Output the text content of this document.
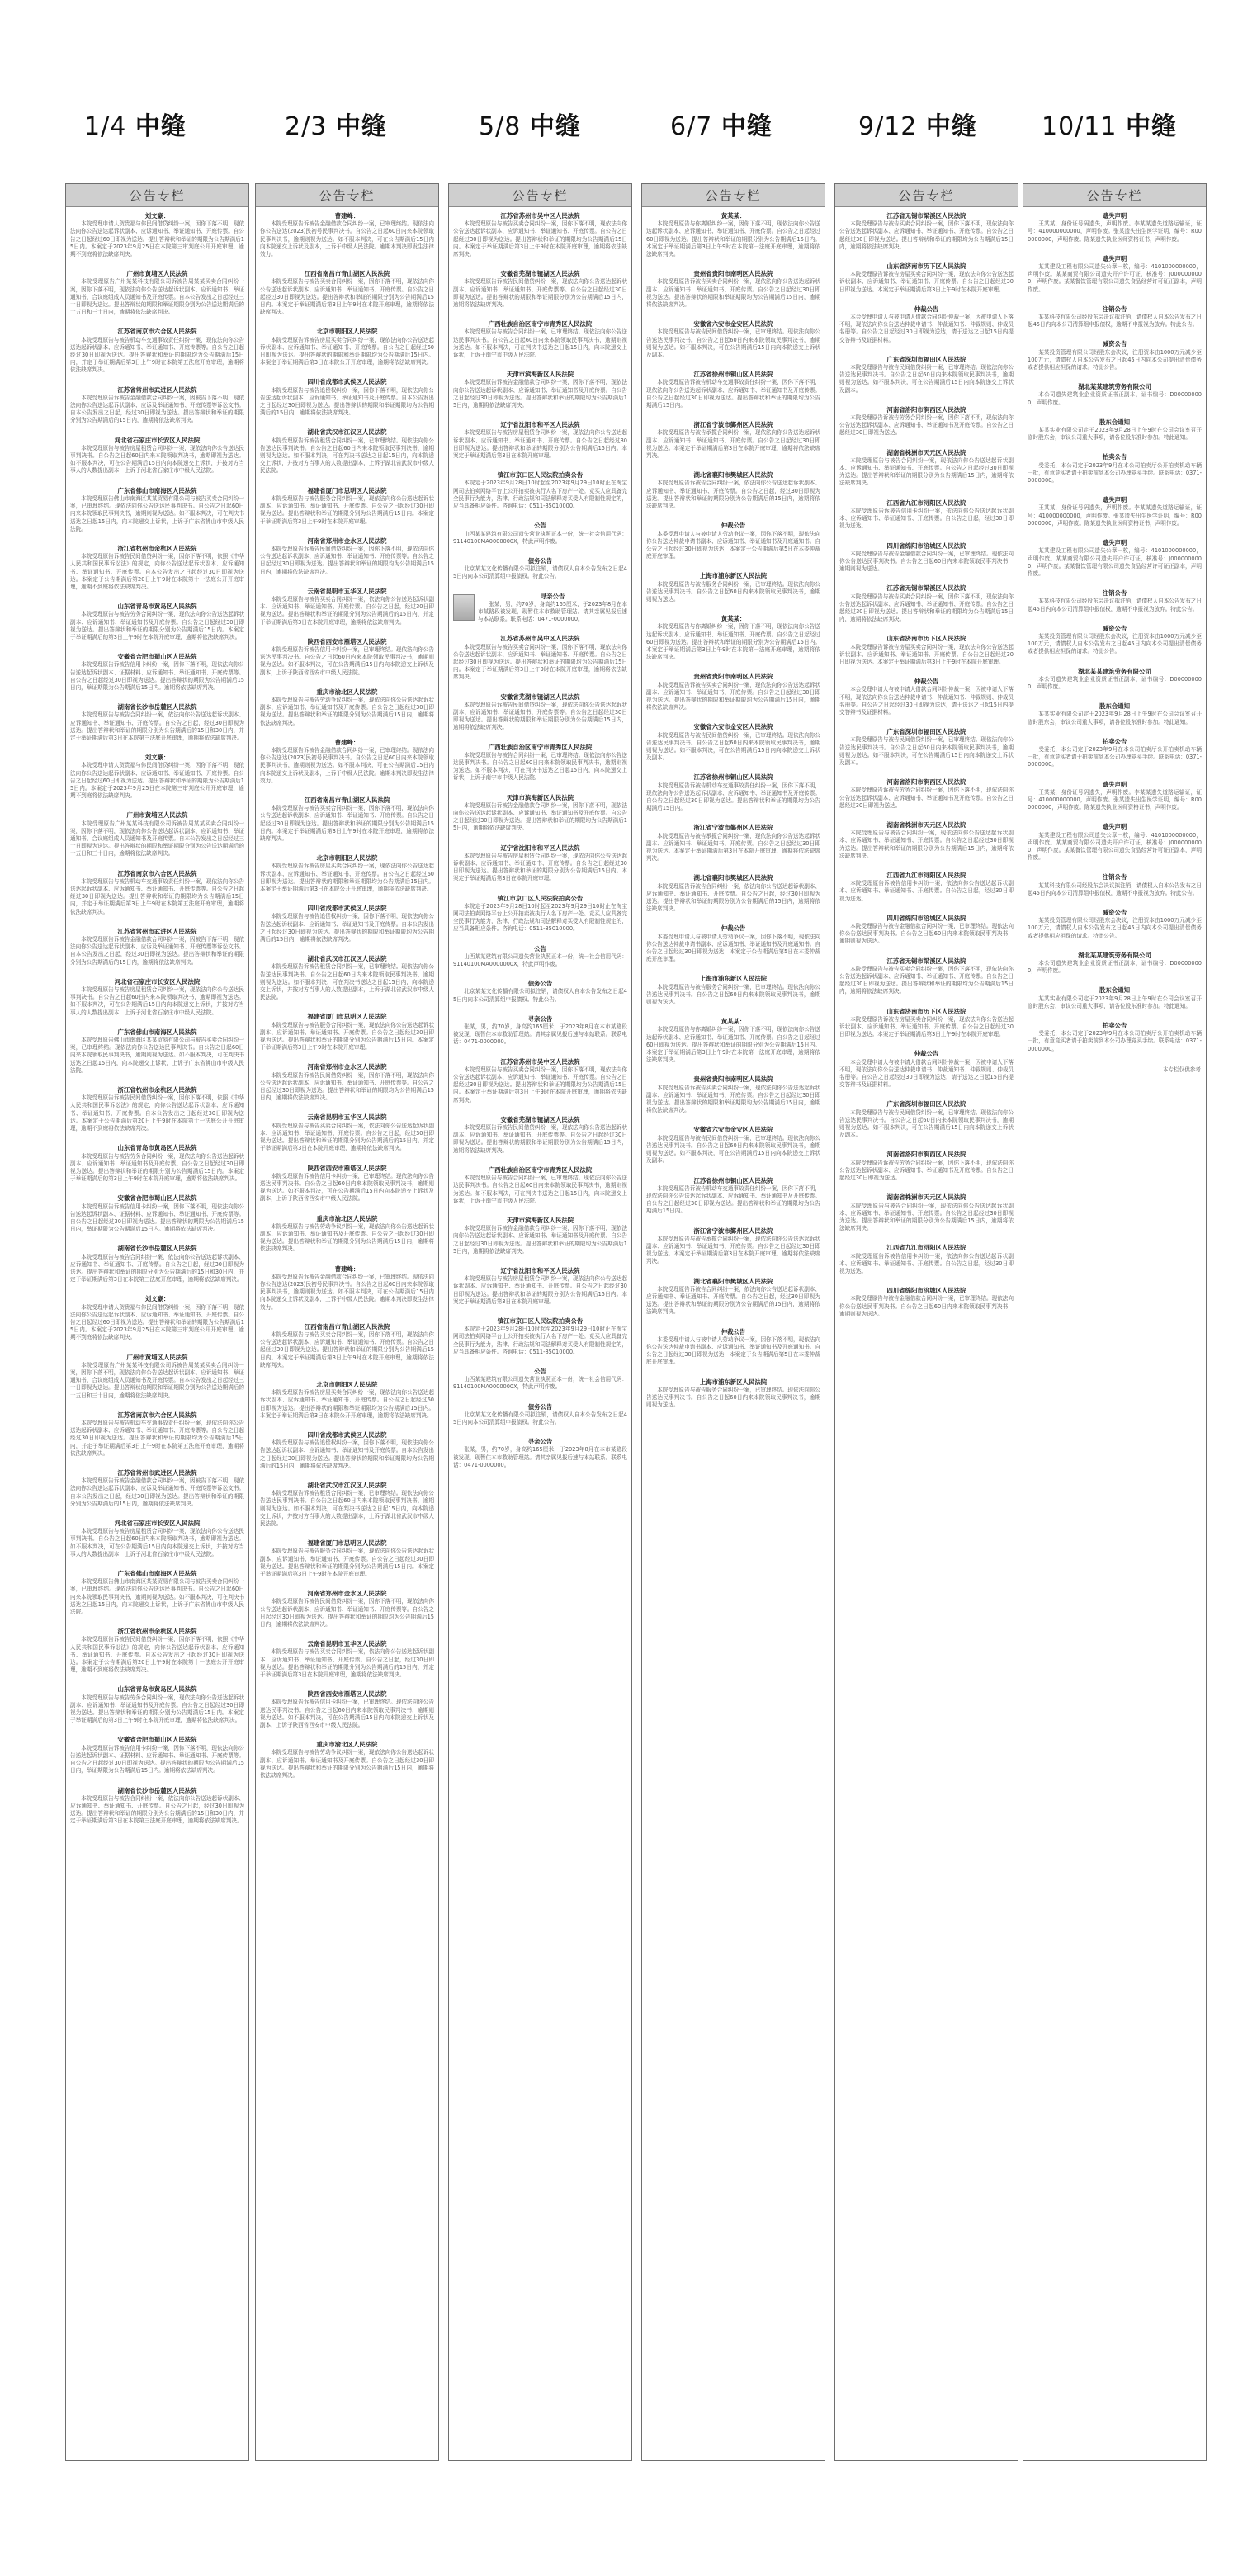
1/4 中缝	2/3 中缝	5/8 中缝	6/7 中缝	9/12 中缝	10/11 中缝
公告专栏
刘文豪：
本院受理申请人贺贵福与你民间借贷纠纷一案，因你下落不明，现依法向你公告送达起诉状副本、应诉通知书、举证通知书、开庭传票。自公告之日起经过60日即视为送达。提出答辩状和举证的期限为公告期满后15日内。本案定于2023年9月25日在本院第三审判庭公开开庭审理，逾期不到庭将依法缺席判决。
广州市黄埔区人民法院
本院受理原告广州某某科技有限公司诉被告周某某买卖合同纠纷一案，因你下落不明，现依法向你公告送达起诉状副本、应诉通知书、举证通知书、合议庭组成人员通知书及开庭传票。自本公告发出之日起经过三十日即视为送达。提出答辩状的期限和举证期限分别为公告送达期满后的十五日和三十日内，逾期将依法缺席判决。
江苏省南京市六合区人民法院
本院受理原告与被告机动车交通事故责任纠纷一案，现依法向你公告送达起诉状副本、应诉通知书、举证通知书、开庭传票等。自公告之日起经过30日即视为送达。提出答辩状和举证的期限均为公告期满后15日内，并定于举证期满后第3日上午9时在本院第五法庭开庭审理，逾期将依法缺席判决。
江苏省常州市武进区人民法院
本院受理原告诉被告金融借款合同纠纷一案，因被告下落不明，现依法向你公告送达起诉状副本、应诉及举证通知书、开庭传票等诉讼文书。自本公告发出之日起，经过30日即视为送达。提出答辩状和举证的期限分别为公告期满后的15日内，逾期将依法缺席判决。
河北省石家庄市长安区人民法院
本院受理原告与被告房屋租赁合同纠纷一案，现依法向你公告送达民事判决书。自公告之日起60日内来本院领取判决书，逾期即视为送达。如不服本判决，可在公告期满后15日内向本院递交上诉状，并按对方当事人的人数提出副本，上诉于河北省石家庄市中级人民法院。
广东省佛山市南海区人民法院
本院受理原告佛山市南海区某某贸易有限公司与被告买卖合同纠纷一案，已审理终结。现依法向你公告送达民事判决书。自公告之日起60日内来本院领取民事判决书，逾期则视为送达。如不服本判决，可在判决书送达之日起15日内，向本院递交上诉状，上诉于广东省佛山市中级人民法院。
浙江省杭州市余杭区人民法院
本院受理原告诉被告民间借贷纠纷一案，因你下落不明，依照《中华人民共和国民事诉讼法》的规定，向你公告送达起诉状副本、应诉通知书、举证通知书、开庭传票。自本公告发出之日起经过30日即视为送达。本案定于公告期满后第20日上午9时在本院第十一法庭公开开庭审理，逾期不到庭将依法缺席判决。
山东省青岛市黄岛区人民法院
本院受理原告与被告劳务合同纠纷一案，现依法向你公告送达起诉状副本、应诉通知书、举证通知书及开庭传票。自公告之日起经过30日即视为送达。提出答辩状和举证的期限分别为公告期满后15日内。本案定于举证期满后的第3日上午9时在本院开庭审理，逾期将依法缺席判决。
安徽省合肥市蜀山区人民法院
本院受理原告诉被告信用卡纠纷一案，因你下落不明，现依法向你公告送达起诉状副本、证据材料、应诉通知书、举证通知书、开庭传票等。自公告之日起经过30日即视为送达。提出答辩状的期限为公告期满后15日内，举证期限为公告期满后15日内。逾期将依法缺席判决。
湖南省长沙市岳麓区人民法院
本院受理原告与被告合同纠纷一案，依法向你公告送达起诉状副本、应诉通知书、举证通知书、开庭传票。自公告之日起，经过30日即视为送达。提出答辩状和举证的期限分别为公告期满后的15日和30日内，并定于举证期满后第3日在本院第三法庭开庭审理，逾期将依法缺席判决。
刘文豪：
本院受理申请人贺贵福与你民间借贷纠纷一案，因你下落不明，现依法向你公告送达起诉状副本、应诉通知书、举证通知书、开庭传票。自公告之日起经过60日即视为送达。提出答辩状和举证的期限为公告期满后15日内。本案定于2023年9月25日在本院第三审判庭公开开庭审理，逾期不到庭将依法缺席判决。
广州市黄埔区人民法院
本院受理原告广州某某科技有限公司诉被告周某某买卖合同纠纷一案，因你下落不明，现依法向你公告送达起诉状副本、应诉通知书、举证通知书、合议庭组成人员通知书及开庭传票。自本公告发出之日起经过三十日即视为送达。提出答辩状的期限和举证期限分别为公告送达期满后的十五日和三十日内，逾期将依法缺席判决。
江苏省南京市六合区人民法院
本院受理原告与被告机动车交通事故责任纠纷一案，现依法向你公告送达起诉状副本、应诉通知书、举证通知书、开庭传票等。自公告之日起经过30日即视为送达。提出答辩状和举证的期限均为公告期满后15日内，并定于举证期满后第3日上午9时在本院第五法庭开庭审理，逾期将依法缺席判决。
江苏省常州市武进区人民法院
本院受理原告诉被告金融借款合同纠纷一案，因被告下落不明，现依法向你公告送达起诉状副本、应诉及举证通知书、开庭传票等诉讼文书。自本公告发出之日起，经过30日即视为送达。提出答辩状和举证的期限分别为公告期满后的15日内，逾期将依法缺席判决。
河北省石家庄市长安区人民法院
本院受理原告与被告房屋租赁合同纠纷一案，现依法向你公告送达民事判决书。自公告之日起60日内来本院领取判决书，逾期即视为送达。如不服本判决，可在公告期满后15日内向本院递交上诉状，并按对方当事人的人数提出副本，上诉于河北省石家庄市中级人民法院。
广东省佛山市南海区人民法院
本院受理原告佛山市南海区某某贸易有限公司与被告买卖合同纠纷一案，已审理终结。现依法向你公告送达民事判决书。自公告之日起60日内来本院领取民事判决书，逾期则视为送达。如不服本判决，可在判决书送达之日起15日内，向本院递交上诉状，上诉于广东省佛山市中级人民法院。
浙江省杭州市余杭区人民法院
本院受理原告诉被告民间借贷纠纷一案，因你下落不明，依照《中华人民共和国民事诉讼法》的规定，向你公告送达起诉状副本、应诉通知书、举证通知书、开庭传票。自本公告发出之日起经过30日即视为送达。本案定于公告期满后第20日上午9时在本院第十一法庭公开开庭审理，逾期不到庭将依法缺席判决。
山东省青岛市黄岛区人民法院
本院受理原告与被告劳务合同纠纷一案，现依法向你公告送达起诉状副本、应诉通知书、举证通知书及开庭传票。自公告之日起经过30日即视为送达。提出答辩状和举证的期限分别为公告期满后15日内。本案定于举证期满后的第3日上午9时在本院开庭审理，逾期将依法缺席判决。
安徽省合肥市蜀山区人民法院
本院受理原告诉被告信用卡纠纷一案，因你下落不明，现依法向你公告送达起诉状副本、证据材料、应诉通知书、举证通知书、开庭传票等。自公告之日起经过30日即视为送达。提出答辩状的期限为公告期满后15日内，举证期限为公告期满后15日内。逾期将依法缺席判决。
湖南省长沙市岳麓区人民法院
本院受理原告与被告合同纠纷一案，依法向你公告送达起诉状副本、应诉通知书、举证通知书、开庭传票。自公告之日起，经过30日即视为送达。提出答辩状和举证的期限分别为公告期满后的15日和30日内，并定于举证期满后第3日在本院第三法庭开庭审理，逾期将依法缺席判决。
刘文豪：
本院受理申请人贺贵福与你民间借贷纠纷一案，因你下落不明，现依法向你公告送达起诉状副本、应诉通知书、举证通知书、开庭传票。自公告之日起经过60日即视为送达。提出答辩状和举证的期限为公告期满后15日内。本案定于2023年9月25日在本院第三审判庭公开开庭审理，逾期不到庭将依法缺席判决。
广州市黄埔区人民法院
本院受理原告广州某某科技有限公司诉被告周某某买卖合同纠纷一案，因你下落不明，现依法向你公告送达起诉状副本、应诉通知书、举证通知书、合议庭组成人员通知书及开庭传票。自本公告发出之日起经过三十日即视为送达。提出答辩状的期限和举证期限分别为公告送达期满后的十五日和三十日内，逾期将依法缺席判决。
江苏省南京市六合区人民法院
本院受理原告与被告机动车交通事故责任纠纷一案，现依法向你公告送达起诉状副本、应诉通知书、举证通知书、开庭传票等。自公告之日起经过30日即视为送达。提出答辩状和举证的期限均为公告期满后15日内，并定于举证期满后第3日上午9时在本院第五法庭开庭审理，逾期将依法缺席判决。
江苏省常州市武进区人民法院
本院受理原告诉被告金融借款合同纠纷一案，因被告下落不明，现依法向你公告送达起诉状副本、应诉及举证通知书、开庭传票等诉讼文书。自本公告发出之日起，经过30日即视为送达。提出答辩状和举证的期限分别为公告期满后的15日内，逾期将依法缺席判决。
河北省石家庄市长安区人民法院
本院受理原告与被告房屋租赁合同纠纷一案，现依法向你公告送达民事判决书。自公告之日起60日内来本院领取判决书，逾期即视为送达。如不服本判决，可在公告期满后15日内向本院递交上诉状，并按对方当事人的人数提出副本，上诉于河北省石家庄市中级人民法院。
广东省佛山市南海区人民法院
本院受理原告佛山市南海区某某贸易有限公司与被告买卖合同纠纷一案，已审理终结。现依法向你公告送达民事判决书。自公告之日起60日内来本院领取民事判决书，逾期则视为送达。如不服本判决，可在判决书送达之日起15日内，向本院递交上诉状，上诉于广东省佛山市中级人民法院。
浙江省杭州市余杭区人民法院
本院受理原告诉被告民间借贷纠纷一案，因你下落不明，依照《中华人民共和国民事诉讼法》的规定，向你公告送达起诉状副本、应诉通知书、举证通知书、开庭传票。自本公告发出之日起经过30日即视为送达。本案定于公告期满后第20日上午9时在本院第十一法庭公开开庭审理，逾期不到庭将依法缺席判决。
山东省青岛市黄岛区人民法院
本院受理原告与被告劳务合同纠纷一案，现依法向你公告送达起诉状副本、应诉通知书、举证通知书及开庭传票。自公告之日起经过30日即视为送达。提出答辩状和举证的期限分别为公告期满后15日内。本案定于举证期满后的第3日上午9时在本院开庭审理，逾期将依法缺席判决。
安徽省合肥市蜀山区人民法院
本院受理原告诉被告信用卡纠纷一案，因你下落不明，现依法向你公告送达起诉状副本、证据材料、应诉通知书、举证通知书、开庭传票等。自公告之日起经过30日即视为送达。提出答辩状的期限为公告期满后15日内，举证期限为公告期满后15日内。逾期将依法缺席判决。
湖南省长沙市岳麓区人民法院
本院受理原告与被告合同纠纷一案，依法向你公告送达起诉状副本、应诉通知书、举证通知书、开庭传票。自公告之日起，经过30日即视为送达。提出答辩状和举证的期限分别为公告期满后的15日和30日内，并定于举证期满后第3日在本院第三法庭开庭审理，逾期将依法缺席判决。
公告专栏
曹建峰：
本院受理原告诉被告金融借款合同纠纷一案，已审理终结。现依法向你公告送达(2023)民初号民事判决书。自公告之日起60日内来本院领取民事判决书，逾期则视为送达。如不服本判决，可在公告期满后15日内向本院递交上诉状及副本，上诉于中级人民法院。逾期本判决即发生法律效力。
江西省南昌市青山湖区人民法院
本院受理原告与被告买卖合同纠纷一案，因你下落不明，现依法向你公告送达起诉状副本、应诉通知书、举证通知书、开庭传票。自公告之日起经过30日即视为送达。提出答辩状和举证的期限分别为公告期满后15日内。本案定于举证期满后第3日上午9时在本院开庭审理，逾期将依法缺席判决。
北京市朝阳区人民法院
本院受理原告诉被告房屋买卖合同纠纷一案，现依法向你公告送达起诉状副本、应诉通知书、举证通知书、开庭传票。自公告之日起经过60日即视为送达。提出答辩状的期限和举证期限均为公告期满后15日内。本案定于举证期满后第3日在本院公开开庭审理，逾期将依法缺席判决。
四川省成都市武侯区人民法院
本院受理原告与被告追偿权纠纷一案，因你下落不明，现依法向你公告送达起诉状副本、应诉通知书、举证通知书及开庭传票。自本公告发出之日起经过30日即视为送达。提出答辩状的期限和举证期限均为公告期满后的15日内，逾期将依法缺席判决。
湖北省武汉市江汉区人民法院
本院受理原告诉被告租赁合同纠纷一案，已审理终结。现依法向你公告送达民事判决书。自公告之日起60日内来本院领取民事判决书，逾期则视为送达。如不服本判决，可在判决书送达之日起15日内，向本院递交上诉状，并按对方当事人的人数提出副本，上诉于湖北省武汉市中级人民法院。
福建省厦门市思明区人民法院
本院受理原告与被告服务合同纠纷一案，现依法向你公告送达起诉状副本、应诉通知书、举证通知书、开庭传票。自公告之日起经过30日即视为送达。提出答辩状和举证的期限分别为公告期满后15日内。本案定于举证期满后第3日上午9时在本院开庭审理。
河南省郑州市金水区人民法院
本院受理原告诉被告民间借贷纠纷一案，因你下落不明，现依法向你公告送达起诉状副本、应诉通知书、举证通知书、开庭传票等。自公告之日起经过30日即视为送达。提出答辩状和举证的期限均为公告期满后15日内，逾期将依法缺席判决。
云南省昆明市五华区人民法院
本院受理原告与被告买卖合同纠纷一案，依法向你公告送达起诉状副本、应诉通知书、举证通知书、开庭传票。自公告之日起，经过30日即视为送达。提出答辩状和举证的期限分别为公告期满后的15日内，并定于举证期满后第3日在本院开庭审理，逾期将依法缺席判决。
陕西省西安市雁塔区人民法院
本院受理原告诉被告信用卡纠纷一案，已审理终结。现依法向你公告送达民事判决书。自公告之日起60日内来本院领取民事判决书，逾期则视为送达。如不服本判决，可在公告期满后15日内向本院递交上诉状及副本，上诉于陕西省西安市中级人民法院。
重庆市渝北区人民法院
本院受理原告与被告劳动争议纠纷一案，现依法向你公告送达起诉状副本、应诉通知书、举证通知书及开庭传票。自公告之日起经过30日即视为送达。提出答辩状和举证的期限分别为公告期满后15日内，逾期将依法缺席判决。
曹建峰：
本院受理原告诉被告金融借款合同纠纷一案，已审理终结。现依法向你公告送达(2023)民初号民事判决书。自公告之日起60日内来本院领取民事判决书，逾期则视为送达。如不服本判决，可在公告期满后15日内向本院递交上诉状及副本，上诉于中级人民法院。逾期本判决即发生法律效力。
江西省南昌市青山湖区人民法院
本院受理原告与被告买卖合同纠纷一案，因你下落不明，现依法向你公告送达起诉状副本、应诉通知书、举证通知书、开庭传票。自公告之日起经过30日即视为送达。提出答辩状和举证的期限分别为公告期满后15日内。本案定于举证期满后第3日上午9时在本院开庭审理，逾期将依法缺席判决。
北京市朝阳区人民法院
本院受理原告诉被告房屋买卖合同纠纷一案，现依法向你公告送达起诉状副本、应诉通知书、举证通知书、开庭传票。自公告之日起经过60日即视为送达。提出答辩状的期限和举证期限均为公告期满后15日内。本案定于举证期满后第3日在本院公开开庭审理，逾期将依法缺席判决。
四川省成都市武侯区人民法院
本院受理原告与被告追偿权纠纷一案，因你下落不明，现依法向你公告送达起诉状副本、应诉通知书、举证通知书及开庭传票。自本公告发出之日起经过30日即视为送达。提出答辩状的期限和举证期限均为公告期满后的15日内，逾期将依法缺席判决。
湖北省武汉市江汉区人民法院
本院受理原告诉被告租赁合同纠纷一案，已审理终结。现依法向你公告送达民事判决书。自公告之日起60日内来本院领取民事判决书，逾期则视为送达。如不服本判决，可在判决书送达之日起15日内，向本院递交上诉状，并按对方当事人的人数提出副本，上诉于湖北省武汉市中级人民法院。
福建省厦门市思明区人民法院
本院受理原告与被告服务合同纠纷一案，现依法向你公告送达起诉状副本、应诉通知书、举证通知书、开庭传票。自公告之日起经过30日即视为送达。提出答辩状和举证的期限分别为公告期满后15日内。本案定于举证期满后第3日上午9时在本院开庭审理。
河南省郑州市金水区人民法院
本院受理原告诉被告民间借贷纠纷一案，因你下落不明，现依法向你公告送达起诉状副本、应诉通知书、举证通知书、开庭传票等。自公告之日起经过30日即视为送达。提出答辩状和举证的期限均为公告期满后15日内，逾期将依法缺席判决。
云南省昆明市五华区人民法院
本院受理原告与被告买卖合同纠纷一案，依法向你公告送达起诉状副本、应诉通知书、举证通知书、开庭传票。自公告之日起，经过30日即视为送达。提出答辩状和举证的期限分别为公告期满后的15日内，并定于举证期满后第3日在本院开庭审理，逾期将依法缺席判决。
陕西省西安市雁塔区人民法院
本院受理原告诉被告信用卡纠纷一案，已审理终结。现依法向你公告送达民事判决书。自公告之日起60日内来本院领取民事判决书，逾期则视为送达。如不服本判决，可在公告期满后15日内向本院递交上诉状及副本，上诉于陕西省西安市中级人民法院。
重庆市渝北区人民法院
本院受理原告与被告劳动争议纠纷一案，现依法向你公告送达起诉状副本、应诉通知书、举证通知书及开庭传票。自公告之日起经过30日即视为送达。提出答辩状和举证的期限分别为公告期满后15日内，逾期将依法缺席判决。
曹建峰：
本院受理原告诉被告金融借款合同纠纷一案，已审理终结。现依法向你公告送达(2023)民初号民事判决书。自公告之日起60日内来本院领取民事判决书，逾期则视为送达。如不服本判决，可在公告期满后15日内向本院递交上诉状及副本，上诉于中级人民法院。逾期本判决即发生法律效力。
江西省南昌市青山湖区人民法院
本院受理原告与被告买卖合同纠纷一案，因你下落不明，现依法向你公告送达起诉状副本、应诉通知书、举证通知书、开庭传票。自公告之日起经过30日即视为送达。提出答辩状和举证的期限分别为公告期满后15日内。本案定于举证期满后第3日上午9时在本院开庭审理，逾期将依法缺席判决。
北京市朝阳区人民法院
本院受理原告诉被告房屋买卖合同纠纷一案，现依法向你公告送达起诉状副本、应诉通知书、举证通知书、开庭传票。自公告之日起经过60日即视为送达。提出答辩状的期限和举证期限均为公告期满后15日内。本案定于举证期满后第3日在本院公开开庭审理，逾期将依法缺席判决。
四川省成都市武侯区人民法院
本院受理原告与被告追偿权纠纷一案，因你下落不明，现依法向你公告送达起诉状副本、应诉通知书、举证通知书及开庭传票。自本公告发出之日起经过30日即视为送达。提出答辩状的期限和举证期限均为公告期满后的15日内，逾期将依法缺席判决。
湖北省武汉市江汉区人民法院
本院受理原告诉被告租赁合同纠纷一案，已审理终结。现依法向你公告送达民事判决书。自公告之日起60日内来本院领取民事判决书，逾期则视为送达。如不服本判决，可在判决书送达之日起15日内，向本院递交上诉状，并按对方当事人的人数提出副本，上诉于湖北省武汉市中级人民法院。
福建省厦门市思明区人民法院
本院受理原告与被告服务合同纠纷一案，现依法向你公告送达起诉状副本、应诉通知书、举证通知书、开庭传票。自公告之日起经过30日即视为送达。提出答辩状和举证的期限分别为公告期满后15日内。本案定于举证期满后第3日上午9时在本院开庭审理。
河南省郑州市金水区人民法院
本院受理原告诉被告民间借贷纠纷一案，因你下落不明，现依法向你公告送达起诉状副本、应诉通知书、举证通知书、开庭传票等。自公告之日起经过30日即视为送达。提出答辩状和举证的期限均为公告期满后15日内，逾期将依法缺席判决。
云南省昆明市五华区人民法院
本院受理原告与被告买卖合同纠纷一案，依法向你公告送达起诉状副本、应诉通知书、举证通知书、开庭传票。自公告之日起，经过30日即视为送达。提出答辩状和举证的期限分别为公告期满后的15日内，并定于举证期满后第3日在本院开庭审理，逾期将依法缺席判决。
陕西省西安市雁塔区人民法院
本院受理原告诉被告信用卡纠纷一案，已审理终结。现依法向你公告送达民事判决书。自公告之日起60日内来本院领取民事判决书，逾期则视为送达。如不服本判决，可在公告期满后15日内向本院递交上诉状及副本，上诉于陕西省西安市中级人民法院。
重庆市渝北区人民法院
本院受理原告与被告劳动争议纠纷一案，现依法向你公告送达起诉状副本、应诉通知书、举证通知书及开庭传票。自公告之日起经过30日即视为送达。提出答辩状和举证的期限分别为公告期满后15日内，逾期将依法缺席判决。
公告专栏
江苏省苏州市吴中区人民法院
本院受理原告与被告买卖合同纠纷一案，因你下落不明，现依法向你公告送达起诉状副本、应诉通知书、举证通知书、开庭传票。自公告之日起经过30日即视为送达。提出答辩状和举证的期限均为公告期满后15日内。本案定于举证期满后第3日上午9时在本院开庭审理，逾期将依法缺席判决。
安徽省芜湖市镜湖区人民法院
本院受理原告诉被告民间借贷纠纷一案，现依法向你公告送达起诉状副本、应诉通知书、举证通知书、开庭传票等。自公告之日起经过30日即视为送达。提出答辩状的期限和举证期限分别为公告期满后15日内，逾期将依法缺席判决。
广西壮族自治区南宁市青秀区人民法院
本院受理原告与被告合同纠纷一案，已审理终结。现依法向你公告送达民事判决书。自公告之日起60日内来本院领取民事判决书，逾期则视为送达。如不服本判决，可在判决书送达之日起15日内，向本院递交上诉状，上诉于南宁市中级人民法院。
天津市滨海新区人民法院
本院受理原告诉被告金融借款合同纠纷一案，因你下落不明，现依法向你公告送达起诉状副本、应诉通知书、举证通知书及开庭传票。自公告之日起经过30日即视为送达。提出答辩状和举证的期限均为公告期满后15日内，逾期将依法缺席判决。
辽宁省沈阳市和平区人民法院
本院受理原告与被告房屋租赁合同纠纷一案，现依法向你公告送达起诉状副本、应诉通知书、举证通知书、开庭传票。自公告之日起经过30日即视为送达。提出答辩状和举证的期限分别为公告期满后15日内。本案定于举证期满后第3日在本院开庭审理。
镇江市京口区人民法院拍卖公告
本院定于2023年9月28日10时起至2023年9月29日10时止在淘宝网司法拍卖网络平台上公开拍卖被执行人名下房产一处。竞买人应具备完全民事行为能力，法律、行政法规和司法解释对买受人有限制性规定的，应当具备相应条件。咨询电话：0511-85010000。
公告
山西某某建筑有限公司遗失营业执照正本一份，统一社会信用代码：91140100MA0000000X，特此声明作废。
债务公告
北京某某文化传播有限公司拟注销，请债权人自本公告发布之日起45日内向本公司清算组申报债权。特此公告。
寻亲公告
张某，男，约70岁，身高约165厘米，于2023年8月在本市某路段被发现，现暂住本市救助管理站。请其亲属见报后速与本站联系。联系电话：0471-0000000。
江苏省苏州市吴中区人民法院
本院受理原告与被告买卖合同纠纷一案，因你下落不明，现依法向你公告送达起诉状副本、应诉通知书、举证通知书、开庭传票。自公告之日起经过30日即视为送达。提出答辩状和举证的期限均为公告期满后15日内。本案定于举证期满后第3日上午9时在本院开庭审理，逾期将依法缺席判决。
安徽省芜湖市镜湖区人民法院
本院受理原告诉被告民间借贷纠纷一案，现依法向你公告送达起诉状副本、应诉通知书、举证通知书、开庭传票等。自公告之日起经过30日即视为送达。提出答辩状的期限和举证期限分别为公告期满后15日内，逾期将依法缺席判决。
广西壮族自治区南宁市青秀区人民法院
本院受理原告与被告合同纠纷一案，已审理终结。现依法向你公告送达民事判决书。自公告之日起60日内来本院领取民事判决书，逾期则视为送达。如不服本判决，可在判决书送达之日起15日内，向本院递交上诉状，上诉于南宁市中级人民法院。
天津市滨海新区人民法院
本院受理原告诉被告金融借款合同纠纷一案，因你下落不明，现依法向你公告送达起诉状副本、应诉通知书、举证通知书及开庭传票。自公告之日起经过30日即视为送达。提出答辩状和举证的期限均为公告期满后15日内，逾期将依法缺席判决。
辽宁省沈阳市和平区人民法院
本院受理原告与被告房屋租赁合同纠纷一案，现依法向你公告送达起诉状副本、应诉通知书、举证通知书、开庭传票。自公告之日起经过30日即视为送达。提出答辩状和举证的期限分别为公告期满后15日内。本案定于举证期满后第3日在本院开庭审理。
镇江市京口区人民法院拍卖公告
本院定于2023年9月28日10时起至2023年9月29日10时止在淘宝网司法拍卖网络平台上公开拍卖被执行人名下房产一处。竞买人应具备完全民事行为能力，法律、行政法规和司法解释对买受人有限制性规定的，应当具备相应条件。咨询电话：0511-85010000。
公告
山西某某建筑有限公司遗失营业执照正本一份，统一社会信用代码：91140100MA0000000X，特此声明作废。
债务公告
北京某某文化传播有限公司拟注销，请债权人自本公告发布之日起45日内向本公司清算组申报债权。特此公告。
寻亲公告
张某，男，约70岁，身高约165厘米，于2023年8月在本市某路段被发现，现暂住本市救助管理站。请其亲属见报后速与本站联系。联系电话：0471-0000000。
江苏省苏州市吴中区人民法院
本院受理原告与被告买卖合同纠纷一案，因你下落不明，现依法向你公告送达起诉状副本、应诉通知书、举证通知书、开庭传票。自公告之日起经过30日即视为送达。提出答辩状和举证的期限均为公告期满后15日内。本案定于举证期满后第3日上午9时在本院开庭审理，逾期将依法缺席判决。
安徽省芜湖市镜湖区人民法院
本院受理原告诉被告民间借贷纠纷一案，现依法向你公告送达起诉状副本、应诉通知书、举证通知书、开庭传票等。自公告之日起经过30日即视为送达。提出答辩状的期限和举证期限分别为公告期满后15日内，逾期将依法缺席判决。
广西壮族自治区南宁市青秀区人民法院
本院受理原告与被告合同纠纷一案，已审理终结。现依法向你公告送达民事判决书。自公告之日起60日内来本院领取民事判决书，逾期则视为送达。如不服本判决，可在判决书送达之日起15日内，向本院递交上诉状，上诉于南宁市中级人民法院。
天津市滨海新区人民法院
本院受理原告诉被告金融借款合同纠纷一案，因你下落不明，现依法向你公告送达起诉状副本、应诉通知书、举证通知书及开庭传票。自公告之日起经过30日即视为送达。提出答辩状和举证的期限均为公告期满后15日内，逾期将依法缺席判决。
辽宁省沈阳市和平区人民法院
本院受理原告与被告房屋租赁合同纠纷一案，现依法向你公告送达起诉状副本、应诉通知书、举证通知书、开庭传票。自公告之日起经过30日即视为送达。提出答辩状和举证的期限分别为公告期满后15日内。本案定于举证期满后第3日在本院开庭审理。
镇江市京口区人民法院拍卖公告
本院定于2023年9月28日10时起至2023年9月29日10时止在淘宝网司法拍卖网络平台上公开拍卖被执行人名下房产一处。竞买人应具备完全民事行为能力，法律、行政法规和司法解释对买受人有限制性规定的，应当具备相应条件。咨询电话：0511-85010000。
公告
山西某某建筑有限公司遗失营业执照正本一份，统一社会信用代码：91140100MA0000000X，特此声明作废。
债务公告
北京某某文化传播有限公司拟注销，请债权人自本公告发布之日起45日内向本公司清算组申报债权。特此公告。
寻亲公告
张某，男，约70岁，身高约165厘米，于2023年8月在本市某路段被发现，现暂住本市救助管理站。请其亲属见报后速与本站联系。联系电话：0471-0000000。
公告专栏
黄某某：
本院受理原告与你离婚纠纷一案，因你下落不明，现依法向你公告送达起诉状副本、应诉通知书、举证通知书、开庭传票。自公告之日起经过60日即视为送达。提出答辩状和举证的期限分别为公告期满后15日内。本案定于举证期满后第3日上午9时在本院第一法庭开庭审理，逾期将依法缺席判决。
贵州省贵阳市南明区人民法院
本院受理原告诉被告买卖合同纠纷一案，现依法向你公告送达起诉状副本、应诉通知书、举证通知书、开庭传票。自公告之日起经过30日即视为送达。提出答辩状的期限和举证期限均为公告期满后15日内，逾期将依法缺席判决。
安徽省六安市金安区人民法院
本院受理原告与被告民间借贷纠纷一案，已审理终结。现依法向你公告送达民事判决书。自公告之日起60日内来本院领取民事判决书，逾期则视为送达。如不服本判决，可在公告期满后15日内向本院递交上诉状及副本。
江苏省徐州市铜山区人民法院
本院受理原告诉被告机动车交通事故责任纠纷一案，因你下落不明，现依法向你公告送达起诉状副本、应诉通知书、举证通知书及开庭传票。自公告之日起经过30日即视为送达。提出答辩状和举证的期限均为公告期满后15日内。
浙江省宁波市鄞州区人民法院
本院受理原告与被告承揽合同纠纷一案，现依法向你公告送达起诉状副本、应诉通知书、举证通知书、开庭传票。自公告之日起经过30日即视为送达。本案定于举证期满后第3日在本院开庭审理，逾期将依法缺席判决。
湖北省襄阳市樊城区人民法院
本院受理原告诉被告合同纠纷一案，依法向你公告送达起诉状副本、应诉通知书、举证通知书、开庭传票。自公告之日起，经过30日即视为送达。提出答辩状和举证的期限分别为公告期满后的15日内，逾期将依法缺席判决。
仲裁公告
本委受理申请人与被申请人劳动争议一案，因你下落不明，现依法向你公告送达仲裁申请书副本、应诉通知书、举证通知书及开庭通知书。自公告之日起经过30日即视为送达，本案定于公告期满后第5日在本委仲裁庭开庭审理。
上海市浦东新区人民法院
本院受理原告与被告服务合同纠纷一案，已审理终结。现依法向你公告送达民事判决书。自公告之日起60日内来本院领取民事判决书，逾期则视为送达。
黄某某：
本院受理原告与你离婚纠纷一案，因你下落不明，现依法向你公告送达起诉状副本、应诉通知书、举证通知书、开庭传票。自公告之日起经过60日即视为送达。提出答辩状和举证的期限分别为公告期满后15日内。本案定于举证期满后第3日上午9时在本院第一法庭开庭审理，逾期将依法缺席判决。
贵州省贵阳市南明区人民法院
本院受理原告诉被告买卖合同纠纷一案，现依法向你公告送达起诉状副本、应诉通知书、举证通知书、开庭传票。自公告之日起经过30日即视为送达。提出答辩状的期限和举证期限均为公告期满后15日内，逾期将依法缺席判决。
安徽省六安市金安区人民法院
本院受理原告与被告民间借贷纠纷一案，已审理终结。现依法向你公告送达民事判决书。自公告之日起60日内来本院领取民事判决书，逾期则视为送达。如不服本判决，可在公告期满后15日内向本院递交上诉状及副本。
江苏省徐州市铜山区人民法院
本院受理原告诉被告机动车交通事故责任纠纷一案，因你下落不明，现依法向你公告送达起诉状副本、应诉通知书、举证通知书及开庭传票。自公告之日起经过30日即视为送达。提出答辩状和举证的期限均为公告期满后15日内。
浙江省宁波市鄞州区人民法院
本院受理原告与被告承揽合同纠纷一案，现依法向你公告送达起诉状副本、应诉通知书、举证通知书、开庭传票。自公告之日起经过30日即视为送达。本案定于举证期满后第3日在本院开庭审理，逾期将依法缺席判决。
湖北省襄阳市樊城区人民法院
本院受理原告诉被告合同纠纷一案，依法向你公告送达起诉状副本、应诉通知书、举证通知书、开庭传票。自公告之日起，经过30日即视为送达。提出答辩状和举证的期限分别为公告期满后的15日内，逾期将依法缺席判决。
仲裁公告
本委受理申请人与被申请人劳动争议一案，因你下落不明，现依法向你公告送达仲裁申请书副本、应诉通知书、举证通知书及开庭通知书。自公告之日起经过30日即视为送达，本案定于公告期满后第5日在本委仲裁庭开庭审理。
上海市浦东新区人民法院
本院受理原告与被告服务合同纠纷一案，已审理终结。现依法向你公告送达民事判决书。自公告之日起60日内来本院领取民事判决书，逾期则视为送达。
黄某某：
本院受理原告与你离婚纠纷一案，因你下落不明，现依法向你公告送达起诉状副本、应诉通知书、举证通知书、开庭传票。自公告之日起经过60日即视为送达。提出答辩状和举证的期限分别为公告期满后15日内。本案定于举证期满后第3日上午9时在本院第一法庭开庭审理，逾期将依法缺席判决。
贵州省贵阳市南明区人民法院
本院受理原告诉被告买卖合同纠纷一案，现依法向你公告送达起诉状副本、应诉通知书、举证通知书、开庭传票。自公告之日起经过30日即视为送达。提出答辩状的期限和举证期限均为公告期满后15日内，逾期将依法缺席判决。
安徽省六安市金安区人民法院
本院受理原告与被告民间借贷纠纷一案，已审理终结。现依法向你公告送达民事判决书。自公告之日起60日内来本院领取民事判决书，逾期则视为送达。如不服本判决，可在公告期满后15日内向本院递交上诉状及副本。
江苏省徐州市铜山区人民法院
本院受理原告诉被告机动车交通事故责任纠纷一案，因你下落不明，现依法向你公告送达起诉状副本、应诉通知书、举证通知书及开庭传票。自公告之日起经过30日即视为送达。提出答辩状和举证的期限均为公告期满后15日内。
浙江省宁波市鄞州区人民法院
本院受理原告与被告承揽合同纠纷一案，现依法向你公告送达起诉状副本、应诉通知书、举证通知书、开庭传票。自公告之日起经过30日即视为送达。本案定于举证期满后第3日在本院开庭审理，逾期将依法缺席判决。
湖北省襄阳市樊城区人民法院
本院受理原告诉被告合同纠纷一案，依法向你公告送达起诉状副本、应诉通知书、举证通知书、开庭传票。自公告之日起，经过30日即视为送达。提出答辩状和举证的期限分别为公告期满后的15日内，逾期将依法缺席判决。
仲裁公告
本委受理申请人与被申请人劳动争议一案，因你下落不明，现依法向你公告送达仲裁申请书副本、应诉通知书、举证通知书及开庭通知书。自公告之日起经过30日即视为送达，本案定于公告期满后第5日在本委仲裁庭开庭审理。
上海市浦东新区人民法院
本院受理原告与被告服务合同纠纷一案，已审理终结。现依法向你公告送达民事判决书。自公告之日起60日内来本院领取民事判决书，逾期则视为送达。
公告专栏
江苏省无锡市梁溪区人民法院
本院受理原告与被告买卖合同纠纷一案，因你下落不明，现依法向你公告送达起诉状副本、应诉通知书、举证通知书、开庭传票。自公告之日起经过30日即视为送达。提出答辩状和举证的期限均为公告期满后15日内，逾期将依法缺席判决。
山东省济南市历下区人民法院
本院受理原告诉被告房屋买卖合同纠纷一案，现依法向你公告送达起诉状副本、应诉通知书、举证通知书、开庭传票。自公告之日起经过30日即视为送达。本案定于举证期满后第3日上午9时在本院开庭审理。
仲裁公告
本会受理申请人与被申请人借款合同纠纷仲裁一案，因被申请人下落不明，现依法向你公告送达仲裁申请书、仲裁通知书、仲裁规则、仲裁员名册等。自公告之日起经过30日即视为送达，请于送达之日起15日内提交答辩书及证据材料。
广东省深圳市福田区人民法院
本院受理原告与被告民间借贷纠纷一案，已审理终结。现依法向你公告送达民事判决书。自公告之日起60日内来本院领取民事判决书，逾期则视为送达。如不服本判决，可在公告期满后15日内向本院递交上诉状及副本。
河南省洛阳市涧西区人民法院
本院受理原告诉被告劳务合同纠纷一案，因你下落不明，现依法向你公告送达起诉状副本、应诉通知书、举证通知书及开庭传票。自公告之日起经过30日即视为送达。
湖南省株洲市天元区人民法院
本院受理原告与被告合同纠纷一案，现依法向你公告送达起诉状副本、应诉通知书、举证通知书、开庭传票。自公告之日起经过30日即视为送达。提出答辩状和举证的期限分别为公告期满后15日内，逾期将依法缺席判决。
江西省九江市浔阳区人民法院
本院受理原告诉被告信用卡纠纷一案，依法向你公告送达起诉状副本、应诉通知书、举证通知书、开庭传票。自公告之日起，经过30日即视为送达。
四川省绵阳市涪城区人民法院
本院受理原告与被告金融借款合同纠纷一案，已审理终结。现依法向你公告送达民事判决书。自公告之日起60日内来本院领取民事判决书，逾期则视为送达。
江苏省无锡市梁溪区人民法院
本院受理原告与被告买卖合同纠纷一案，因你下落不明，现依法向你公告送达起诉状副本、应诉通知书、举证通知书、开庭传票。自公告之日起经过30日即视为送达。提出答辩状和举证的期限均为公告期满后15日内，逾期将依法缺席判决。
山东省济南市历下区人民法院
本院受理原告诉被告房屋买卖合同纠纷一案，现依法向你公告送达起诉状副本、应诉通知书、举证通知书、开庭传票。自公告之日起经过30日即视为送达。本案定于举证期满后第3日上午9时在本院开庭审理。
仲裁公告
本会受理申请人与被申请人借款合同纠纷仲裁一案，因被申请人下落不明，现依法向你公告送达仲裁申请书、仲裁通知书、仲裁规则、仲裁员名册等。自公告之日起经过30日即视为送达，请于送达之日起15日内提交答辩书及证据材料。
广东省深圳市福田区人民法院
本院受理原告与被告民间借贷纠纷一案，已审理终结。现依法向你公告送达民事判决书。自公告之日起60日内来本院领取民事判决书，逾期则视为送达。如不服本判决，可在公告期满后15日内向本院递交上诉状及副本。
河南省洛阳市涧西区人民法院
本院受理原告诉被告劳务合同纠纷一案，因你下落不明，现依法向你公告送达起诉状副本、应诉通知书、举证通知书及开庭传票。自公告之日起经过30日即视为送达。
湖南省株洲市天元区人民法院
本院受理原告与被告合同纠纷一案，现依法向你公告送达起诉状副本、应诉通知书、举证通知书、开庭传票。自公告之日起经过30日即视为送达。提出答辩状和举证的期限分别为公告期满后15日内，逾期将依法缺席判决。
江西省九江市浔阳区人民法院
本院受理原告诉被告信用卡纠纷一案，依法向你公告送达起诉状副本、应诉通知书、举证通知书、开庭传票。自公告之日起，经过30日即视为送达。
四川省绵阳市涪城区人民法院
本院受理原告与被告金融借款合同纠纷一案，已审理终结。现依法向你公告送达民事判决书。自公告之日起60日内来本院领取民事判决书，逾期则视为送达。
江苏省无锡市梁溪区人民法院
本院受理原告与被告买卖合同纠纷一案，因你下落不明，现依法向你公告送达起诉状副本、应诉通知书、举证通知书、开庭传票。自公告之日起经过30日即视为送达。提出答辩状和举证的期限均为公告期满后15日内，逾期将依法缺席判决。
山东省济南市历下区人民法院
本院受理原告诉被告房屋买卖合同纠纷一案，现依法向你公告送达起诉状副本、应诉通知书、举证通知书、开庭传票。自公告之日起经过30日即视为送达。本案定于举证期满后第3日上午9时在本院开庭审理。
仲裁公告
本会受理申请人与被申请人借款合同纠纷仲裁一案，因被申请人下落不明，现依法向你公告送达仲裁申请书、仲裁通知书、仲裁规则、仲裁员名册等。自公告之日起经过30日即视为送达，请于送达之日起15日内提交答辩书及证据材料。
广东省深圳市福田区人民法院
本院受理原告与被告民间借贷纠纷一案，已审理终结。现依法向你公告送达民事判决书。自公告之日起60日内来本院领取民事判决书，逾期则视为送达。如不服本判决，可在公告期满后15日内向本院递交上诉状及副本。
河南省洛阳市涧西区人民法院
本院受理原告诉被告劳务合同纠纷一案，因你下落不明，现依法向你公告送达起诉状副本、应诉通知书、举证通知书及开庭传票。自公告之日起经过30日即视为送达。
湖南省株洲市天元区人民法院
本院受理原告与被告合同纠纷一案，现依法向你公告送达起诉状副本、应诉通知书、举证通知书、开庭传票。自公告之日起经过30日即视为送达。提出答辩状和举证的期限分别为公告期满后15日内，逾期将依法缺席判决。
江西省九江市浔阳区人民法院
本院受理原告诉被告信用卡纠纷一案，依法向你公告送达起诉状副本、应诉通知书、举证通知书、开庭传票。自公告之日起，经过30日即视为送达。
四川省绵阳市涪城区人民法院
本院受理原告与被告金融借款合同纠纷一案，已审理终结。现依法向你公告送达民事判决书。自公告之日起60日内来本院领取民事判决书，逾期则视为送达。
公告专栏
遗失声明
王某某，身份证号码遗失，声明作废。李某某遗失道路运输证，证号：410000000000，声明作废。张某遗失出生医学证明，编号：R000000000，声明作废。陈某遗失执业医师资格证书，声明作废。
遗失声明
某某建设工程有限公司遗失公章一枚，编号：4101000000000，声明作废。某某商贸有限公司遗失开户许可证，核准号：J0000000000，声明作废。某某餐饮管理有限公司遗失食品经营许可证正副本，声明作废。
注销公告
某某科技有限公司经股东会决议拟注销，请债权人自本公告发布之日起45日内向本公司清算组申报债权，逾期不申报视为放弃。特此公告。
减资公告
某某投资管理有限公司经股东会决议，注册资本由1000万元减少至100万元，请债权人自本公告发布之日起45日内向本公司提出清偿债务或者提供相应担保的请求。特此公告。
湖北某某建筑劳务有限公司
本公司遗失建筑业企业资质证书正副本，证书编号：D000000000，声明作废。
股东会通知
某某实业有限公司定于2023年9月28日上午9时在公司会议室召开临时股东会，审议公司重大事项，请各位股东准时参加。特此通知。
拍卖公告
受委托，本公司定于2023年9月在本公司拍卖厅公开拍卖机动车辆一批，有意竞买者请于拍卖前到本公司办理竞买手续。联系电话：0371-0000000。
遗失声明
王某某，身份证号码遗失，声明作废。李某某遗失道路运输证，证号：410000000000，声明作废。张某遗失出生医学证明，编号：R000000000，声明作废。陈某遗失执业医师资格证书，声明作废。
遗失声明
某某建设工程有限公司遗失公章一枚，编号：4101000000000，声明作废。某某商贸有限公司遗失开户许可证，核准号：J0000000000，声明作废。某某餐饮管理有限公司遗失食品经营许可证正副本，声明作废。
注销公告
某某科技有限公司经股东会决议拟注销，请债权人自本公告发布之日起45日内向本公司清算组申报债权，逾期不申报视为放弃。特此公告。
减资公告
某某投资管理有限公司经股东会决议，注册资本由1000万元减少至100万元，请债权人自本公告发布之日起45日内向本公司提出清偿债务或者提供相应担保的请求。特此公告。
湖北某某建筑劳务有限公司
本公司遗失建筑业企业资质证书正副本，证书编号：D000000000，声明作废。
股东会通知
某某实业有限公司定于2023年9月28日上午9时在公司会议室召开临时股东会，审议公司重大事项，请各位股东准时参加。特此通知。
拍卖公告
受委托，本公司定于2023年9月在本公司拍卖厅公开拍卖机动车辆一批，有意竞买者请于拍卖前到本公司办理竞买手续。联系电话：0371-0000000。
遗失声明
王某某，身份证号码遗失，声明作废。李某某遗失道路运输证，证号：410000000000，声明作废。张某遗失出生医学证明，编号：R000000000，声明作废。陈某遗失执业医师资格证书，声明作废。
遗失声明
某某建设工程有限公司遗失公章一枚，编号：4101000000000，声明作废。某某商贸有限公司遗失开户许可证，核准号：J0000000000，声明作废。某某餐饮管理有限公司遗失食品经营许可证正副本，声明作废。
注销公告
某某科技有限公司经股东会决议拟注销，请债权人自本公告发布之日起45日内向本公司清算组申报债权，逾期不申报视为放弃。特此公告。
减资公告
某某投资管理有限公司经股东会决议，注册资本由1000万元减少至100万元，请债权人自本公告发布之日起45日内向本公司提出清偿债务或者提供相应担保的请求。特此公告。
湖北某某建筑劳务有限公司
本公司遗失建筑业企业资质证书正副本，证书编号：D000000000，声明作废。
股东会通知
某某实业有限公司定于2023年9月28日上午9时在公司会议室召开临时股东会，审议公司重大事项，请各位股东准时参加。特此通知。
拍卖公告
受委托，本公司定于2023年9月在本公司拍卖厅公开拍卖机动车辆一批，有意竞买者请于拍卖前到本公司办理竞买手续。联系电话：0371-0000000。
本专栏仅供参考
